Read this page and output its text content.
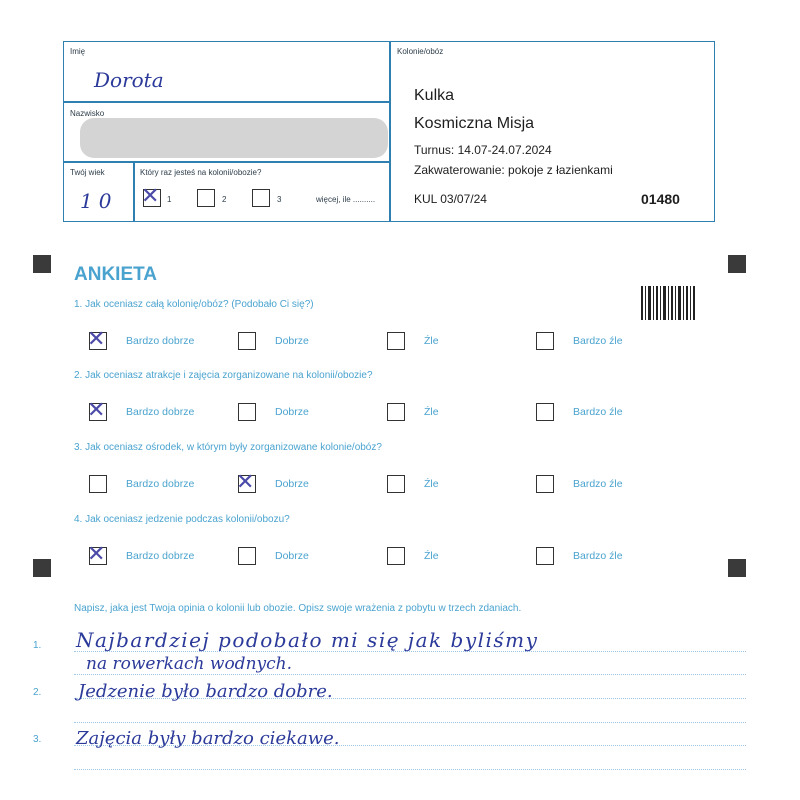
Imię
Dorota
Nazwisko
Twój wiek
10
Który raz jesteś na kolonii/obozie?
✕ 1	2	3	więcej, ile ..........
Kolonie/obóz
Kulka
Kosmiczna Misja
Turnus: 14.07-24.07.2024
Zakwaterowanie: pokoje z łazienkami
KUL 03/07/24	01480
ANKIETA
1. Jak oceniasz całą kolonię/obóz? (Podobało Ci się?)
✕ Bardzo dobrze	Dobrze	Źle	Bardzo źle
2. Jak oceniasz atrakcje i zajęcia zorganizowane na kolonii/obozie?
✕ Bardzo dobrze	Dobrze	Źle	Bardzo źle
3. Jak oceniasz ośrodek, w którym były zorganizowane kolonie/obóz?
Bardzo dobrze ✕ Dobrze	Źle	Bardzo źle
4. Jak oceniasz jedzenie podczas kolonii/obozu?
✕ Bardzo dobrze	Dobrze	Źle	Bardzo źle
Napisz, jaka jest Twoja opinia o kolonii lub obozie. Opisz swoje wrażenia z pobytu w trzech zdaniach.
1.
2.
3.
Najbardziej podobało mi się jak byliśmy
na rowerkach wodnych.
Jedzenie było bardzo dobre.
Zajęcia były bardzo ciekawe.
